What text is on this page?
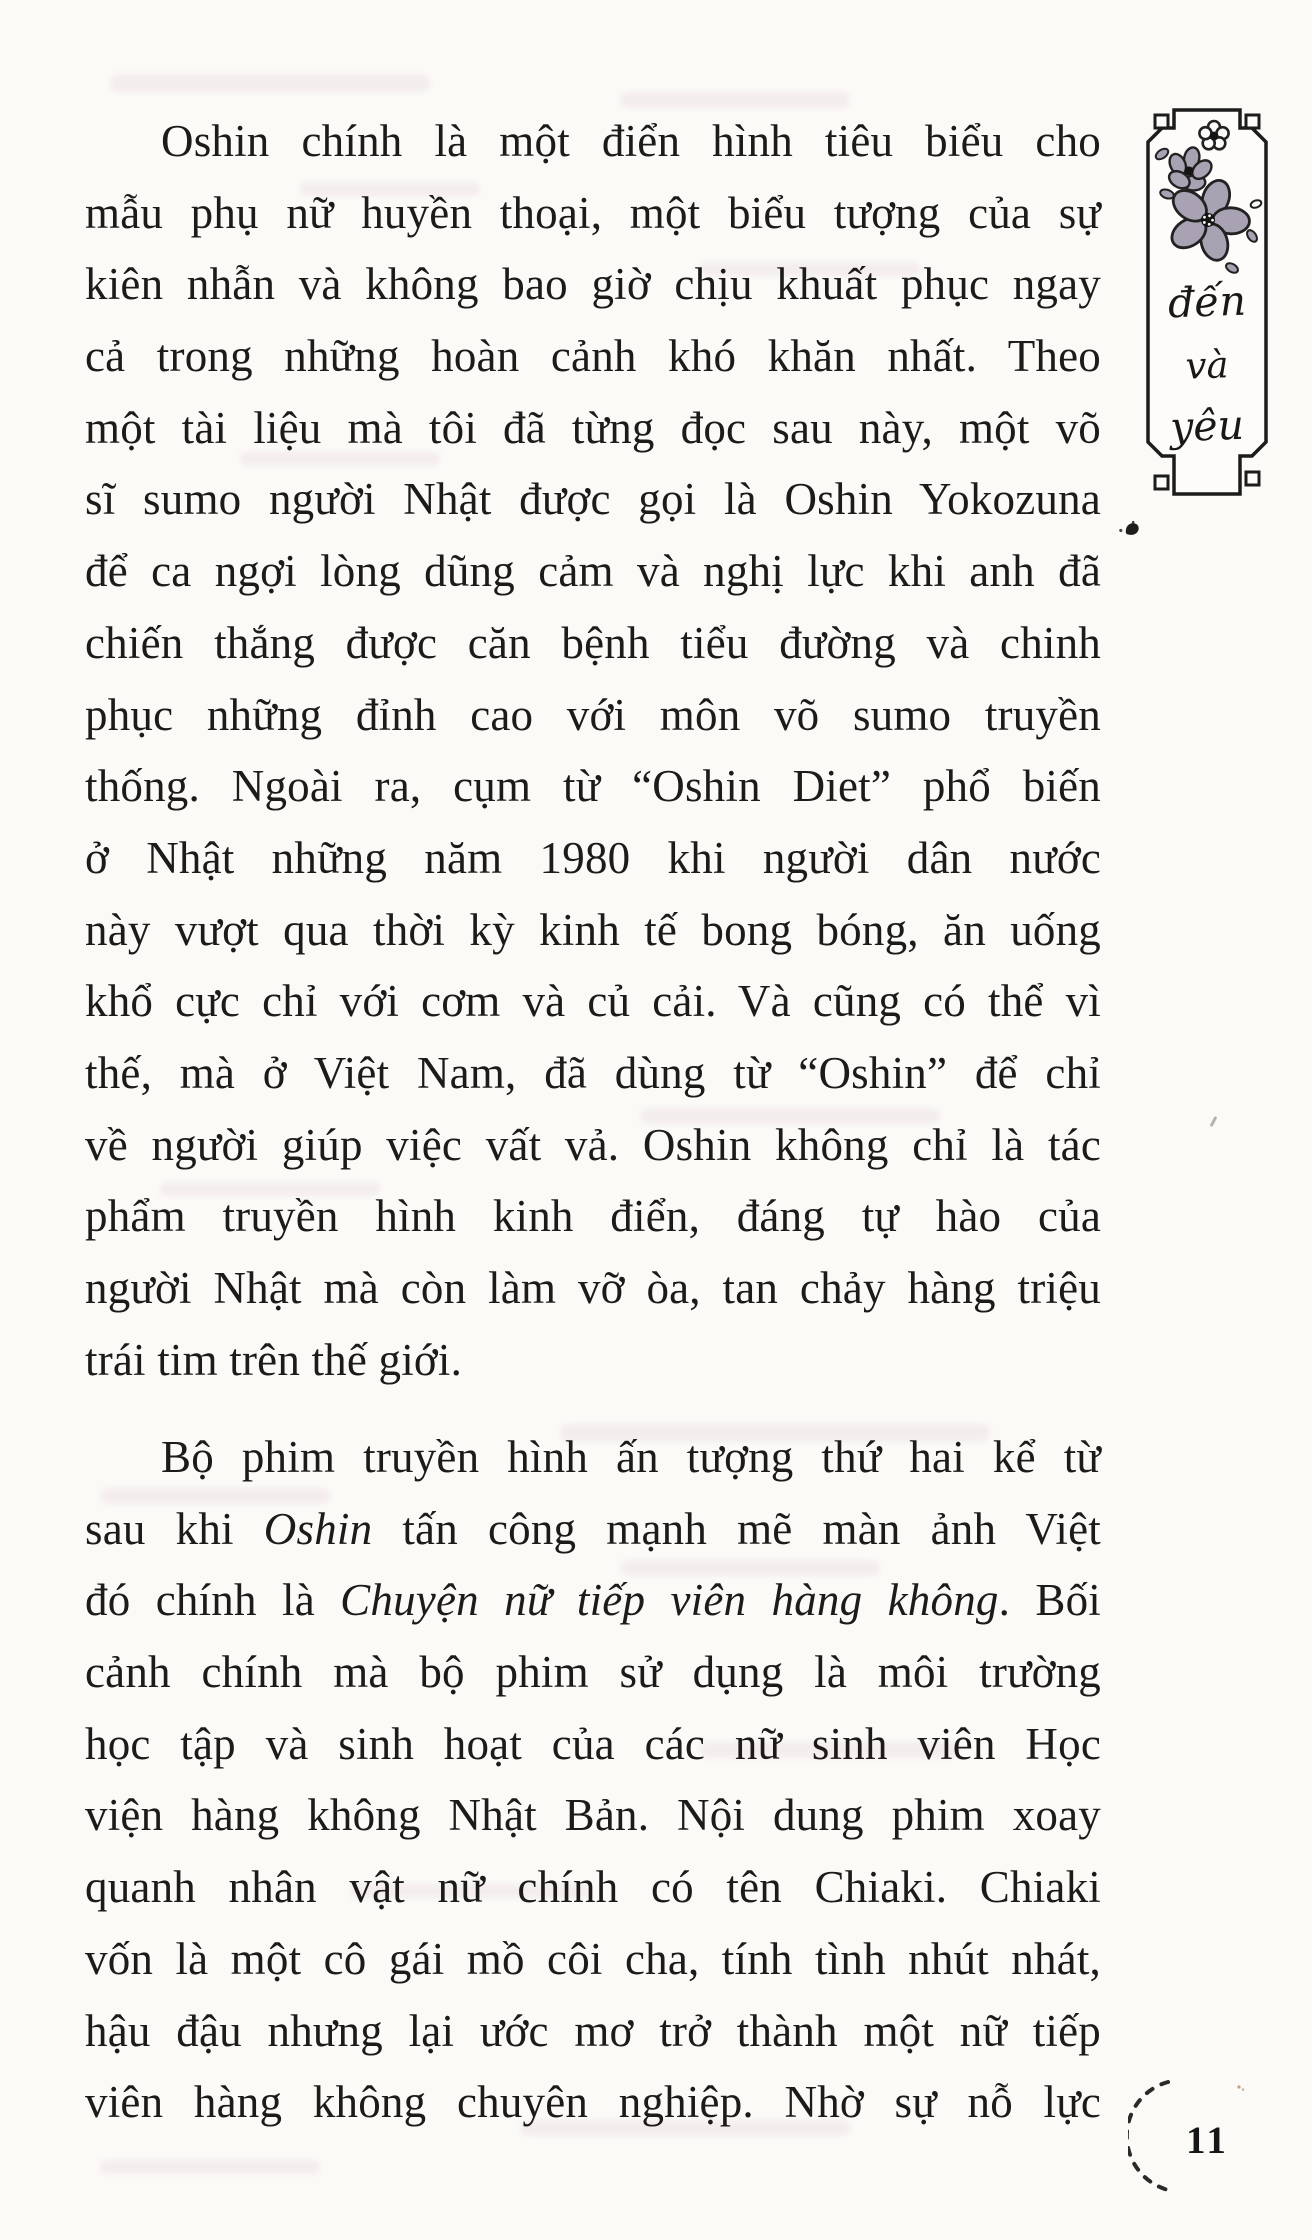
Oshin chính là một điển hình tiêu biểu cho
mẫu phụ nữ huyền thoại, một biểu tượng của sự
kiên nhẫn và không bao giờ chịu khuất phục ngay
cả trong những hoàn cảnh khó khăn nhất. Theo
một tài liệu mà tôi đã từng đọc sau này, một võ
sĩ sumo người Nhật được gọi là Oshin Yokozuna
để ca ngợi lòng dũng cảm và nghị lực khi anh đã
chiến thắng được căn bệnh tiểu đường và chinh
phục những đỉnh cao với môn võ sumo truyền
thống. Ngoài ra, cụm từ “Oshin Diet” phổ biến
ở Nhật những năm 1980 khi người dân nước
này vượt qua thời kỳ kinh tế bong bóng, ăn uống
khổ cực chỉ với cơm và củ cải. Và cũng có thể vì
thế, mà ở Việt Nam, đã dùng từ “Oshin” để chỉ
về người giúp việc vất vả. Oshin không chỉ là tác
phẩm truyền hình kinh điển, đáng tự hào của
người Nhật mà còn làm vỡ òa, tan chảy hàng triệu
trái tim trên thế giới.
Bộ phim truyền hình ấn tượng thứ hai kể từ
sau khi Oshin tấn công mạnh mẽ màn ảnh Việt
đó chính là Chuyện nữ tiếp viên hàng không. Bối
cảnh chính mà bộ phim sử dụng là môi trường
học tập và sinh hoạt của các nữ sinh viên Học
viện hàng không Nhật Bản. Nội dung phim xoay
quanh nhân vật nữ chính có tên Chiaki. Chiaki
vốn là một cô gái mồ côi cha, tính tình nhút nhát,
hậu đậu nhưng lại ước mơ trở thành một nữ tiếp
viên hàng không chuyên nghiệp. Nhờ sự nỗ lực
đến
và
yêu
11
